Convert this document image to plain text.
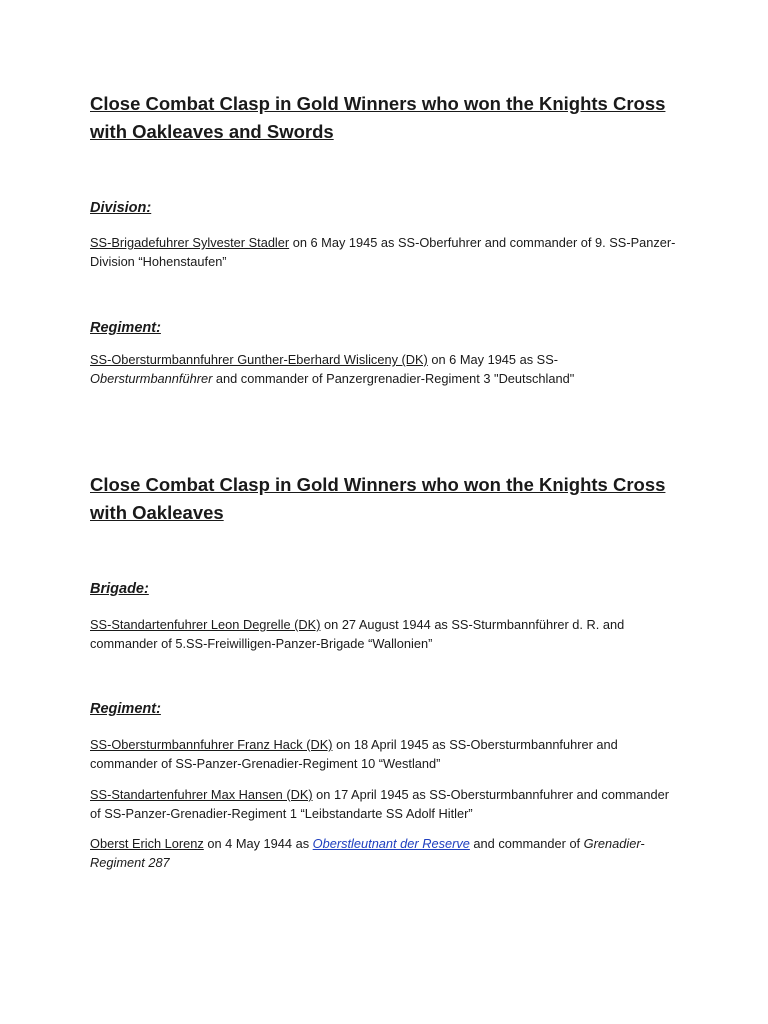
Close Combat Clasp in Gold Winners who won the Knights Cross with Oakleaves and Swords
Division:

SS-Brigadefuhrer Sylvester Stadler on 6 May 1945 as SS-Oberfuhrer and commander of 9. SS-Panzer-Division “Hohenstaufen”

Regiment:

SS-Obersturmbannfuhrer Gunther-Eberhard Wisliceny (DK) on 6 May 1945 as SS-Obersturmbannführer and commander of Panzergrenadier-Regiment 3 "Deutschland"

Close Combat Clasp in Gold Winners who won the Knights Cross with Oakleaves
Brigade:

SS-Standartenfuhrer Leon Degrelle (DK) on 27 August 1944 as SS-Sturmbannführer d. R. and commander of 5.SS-Freiwilligen-Panzer-Brigade “Wallonien”

Regiment:

SS-Obersturmbannfuhrer Franz Hack (DK) on 18 April 1945 as SS-Obersturmbannfuhrer and commander of SS-Panzer-Grenadier-Regiment 10 “Westland”

SS-Standartenfuhrer Max Hansen (DK) on 17 April 1945 as SS-Obersturmbannfuhrer and commander of SS-Panzer-Grenadier-Regiment 1 “Leibstandarte SS Adolf Hitler”

Oberst Erich Lorenz on 4 May 1944 as Oberstleutnant der Reserve and commander of Grenadier-Regiment 287
